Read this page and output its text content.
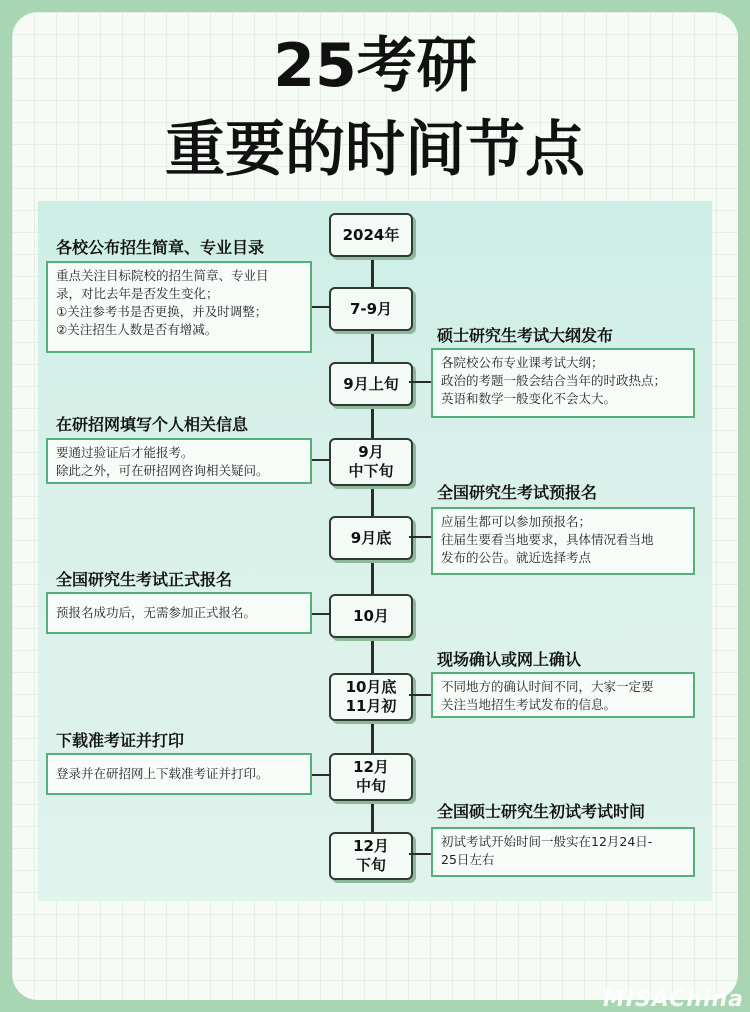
25考研
重要的时间节点
2024年
7-9月
9月上旬
9月
中下旬
9月底
10月
10月底
11月初
12月
中旬
12月
下旬
各校公布招生简章、专业目录
重点关注目标院校的招生简章、专业目
录，对比去年是否发生变化；
①关注参考书是否更换，并及时调整；
②关注招生人数是否有增减。	硕士研究生考试大纲发布
各院校公布专业课考试大纲；
政治的考题一般会结合当年的时政热点；
英语和数学一般变化不会太大。
在研招网填写个人相关信息
要通过验证后才能报考。
除此之外，可在研招网咨询相关疑问。
全国研究生考试预报名
应届生都可以参加预报名；
往届生要看当地要求，具体情况看当地
发布的公告。就近选择考点
全国研究生考试正式报名
预报名成功后，无需参加正式报名。
现场确认或网上确认
不同地方的确认时间不同，大家一定要
关注当地招生考试发布的信息。
下载准考证并打印
登录并在研招网上下载准考证并打印。
全国硕士研究生初试考试时间
初试考试开始时间一般实在12月24日-
25日左右
MISAChina
